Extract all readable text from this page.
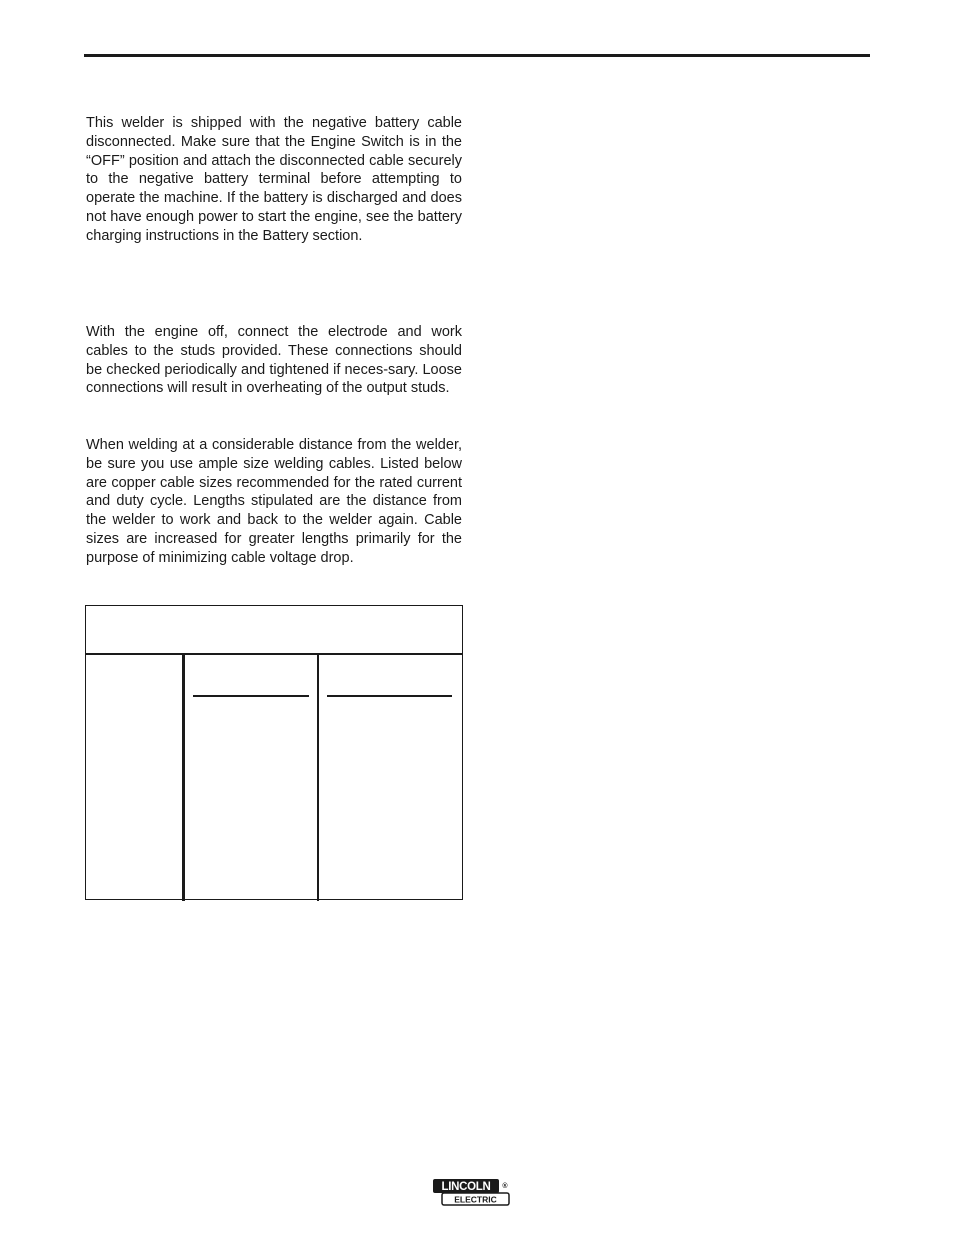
This welder is shipped with the negative battery cable disconnected. Make sure that the Engine Switch is in the “OFF” position and attach the disconnected cable securely to the negative battery terminal before attempting to operate the machine. If the battery is discharged and does not have enough power to start the engine, see the battery charging instructions in the Battery section.

With the engine off, connect the electrode and work cables to the studs provided. These connections should be checked periodically and tightened if neces-sary. Loose connections will result in overheating of the output studs.

When welding at a considerable distance from the welder, be sure you use ample size welding cables. Listed below are copper cable sizes recommended for the rated current and duty cycle. Lengths stipulated are the distance from the welder to work and back to the welder again. Cable sizes are increased for greater lengths primarily for the purpose of minimizing cable voltage drop.

LINCOLN
ELECTRIC
®
